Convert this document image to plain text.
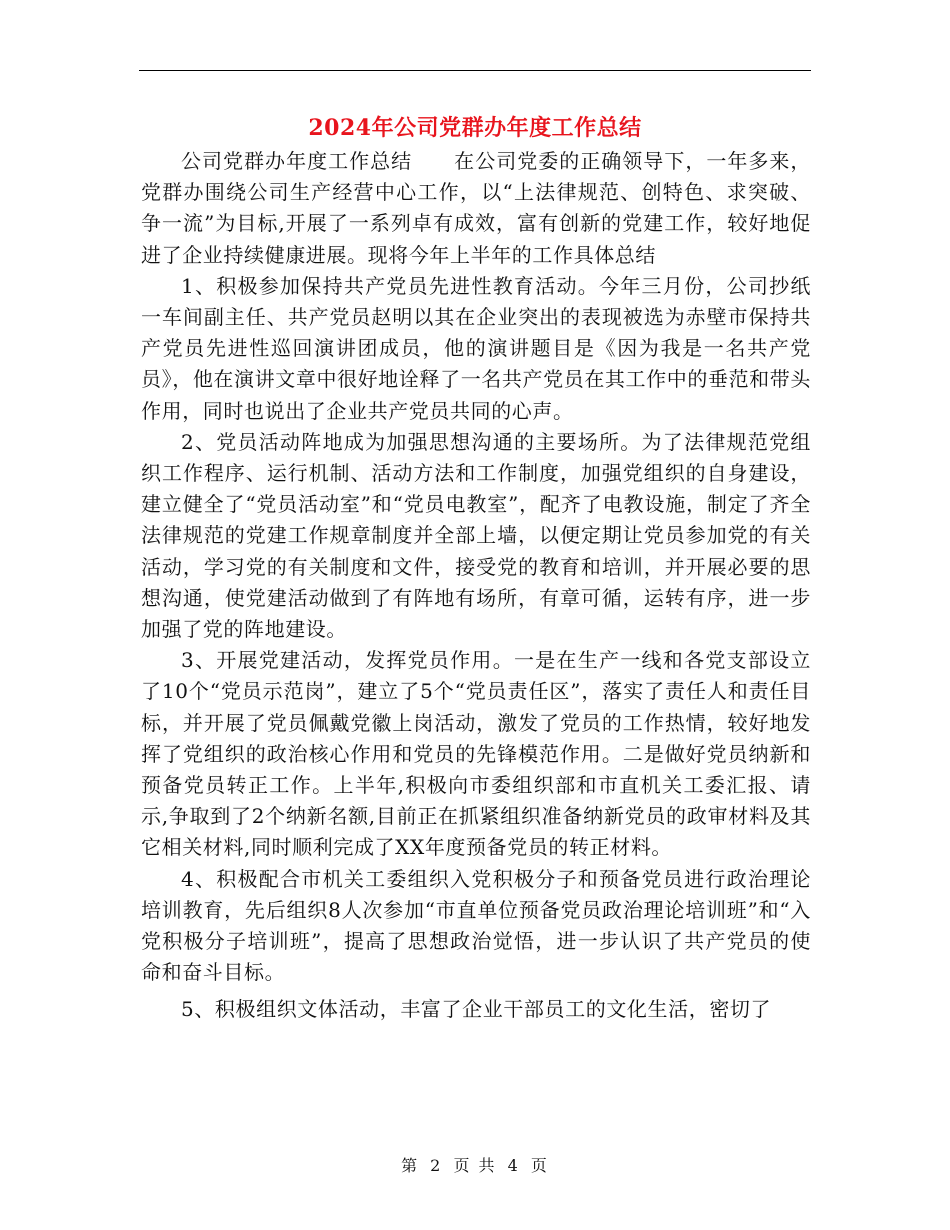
2024年公司党群办年度工作总结

公司党群办年度工作总结　　在公司党委的正确领导下，一年多来，党群办围绕公司生产经营中心工作，以“上法律规范、创特色、求突破、争一流”为目标,开展了一系列卓有成效，富有创新的党建工作，较好地促进了企业持续健康进展。现将今年上半年的工作具体总结

1、积极参加保持共产党员先进性教育活动。今年三月份，公司抄纸一车间副主任、共产党员赵明以其在企业突出的表现被选为赤壁市保持共产党员先进性巡回演讲团成员，他的演讲题目是《因为我是一名共产党员》，他在演讲文章中很好地诠释了一名共产党员在其工作中的垂范和带头作用，同时也说出了企业共产党员共同的心声。

2、党员活动阵地成为加强思想沟通的主要场所。为了法律规范党组织工作程序、运行机制、活动方法和工作制度，加强党组织的自身建设，建立健全了“党员活动室”和“党员电教室”，配齐了电教设施，制定了齐全法律规范的党建工作规章制度并全部上墙，以便定期让党员参加党的有关活动，学习党的有关制度和文件，接受党的教育和培训，并开展必要的思想沟通，使党建活动做到了有阵地有场所，有章可循，运转有序，进一步加强了党的阵地建设。

3、开展党建活动，发挥党员作用。一是在生产一线和各党支部设立了10个“党员示范岗”，建立了5个“党员责任区”，落实了责任人和责任目标，并开展了党员佩戴党徽上岗活动，激发了党员的工作热情，较好地发挥了党组织的政治核心作用和党员的先锋模范作用。二是做好党员纳新和预备党员转正工作。上半年,积极向市委组织部和市直机关工委汇报、请示,争取到了2个纳新名额,目前正在抓紧组织准备纳新党员的政审材料及其它相关材料,同时顺利完成了XX年度预备党员的转正材料。

4、积极配合市机关工委组织入党积极分子和预备党员进行政治理论培训教育，先后组织8人次参加“市直单位预备党员政治理论培训班”和“入党积极分子培训班”，提高了思想政治觉悟，进一步认识了共产党员的使命和奋斗目标。

5、积极组织文体活动，丰富了企业干部员工的文化生活，密切了

第 2 页 共 4 页
